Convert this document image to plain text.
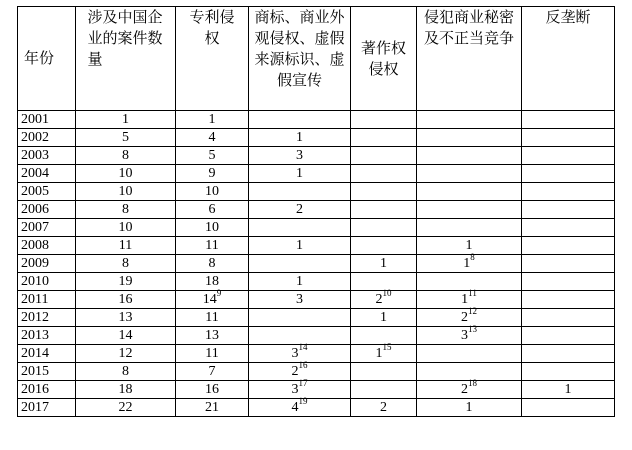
年份	涉及中国企业的案件数量	专利侵权	商标、商业外观侵权、虚假来源标识、虚假宣传	著作权侵权	侵犯商业秘密及不正当竞争	反垄断
2001	1	1				
2002	5	4	1			
2003	8	5	3			
2004	10	9	1			
2005	10	10				
2006	8	6	2			
2007	10	10				
2008	11	11	1		1	
2009	8	8		1	$1^8$	
2010	19	18	1			
2011	16	$14^9$	3	$2^{10}$	$1^{11}$	
2012	13	11		1	$2^{12}$	
2013	14	13			$3^{13}$	
2014	12	11	$3^{14}$	$1^{15}$		
2015	8	7	$2^{16}$			
2016	18	16	$3^{17}$		$2^{18}$	1
2017	22	21	$4^{19}$	2	1	
